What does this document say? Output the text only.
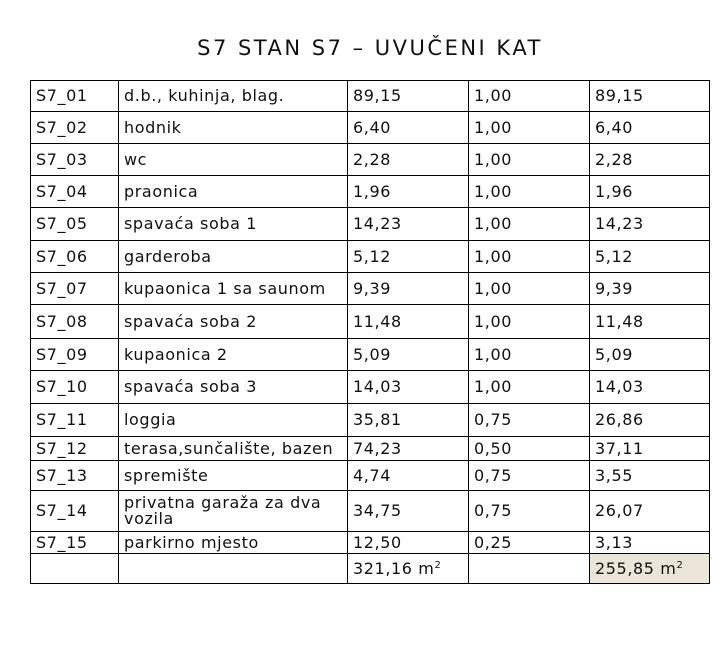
S7 STAN S7 – UVUČENI KAT
S7_01	d.b., kuhinja, blag.	89,15	1,00	89,15
S7_02	hodnik	6,40	1,00	6,40
S7_03	wc	2,28	1,00	2,28
S7_04	praonica	1,96	1,00	1,96
S7_05	spavaća soba 1	14,23	1,00	14,23
S7_06	garderoba	5,12	1,00	5,12
S7_07	kupaonica 1 sa saunom	9,39	1,00	9,39
S7_08	spavaća soba 2	11,48	1,00	11,48
S7_09	kupaonica 2	5,09	1,00	5,09
S7_10	spavaća soba 3	14,03	1,00	14,03
S7_11	loggia	35,81	0,75	26,86
S7_12	terasa,sunčalište, bazen	74,23	0,50	37,11
S7_13	spremište	4,74	0,75	3,55
S7_14	privatna garaža za dva vozila	34,75	0,75	26,07
S7_15	parkirno mjesto	12,50	0,25	3,13
		321,16 $m^2$		255,85 $m^2$
